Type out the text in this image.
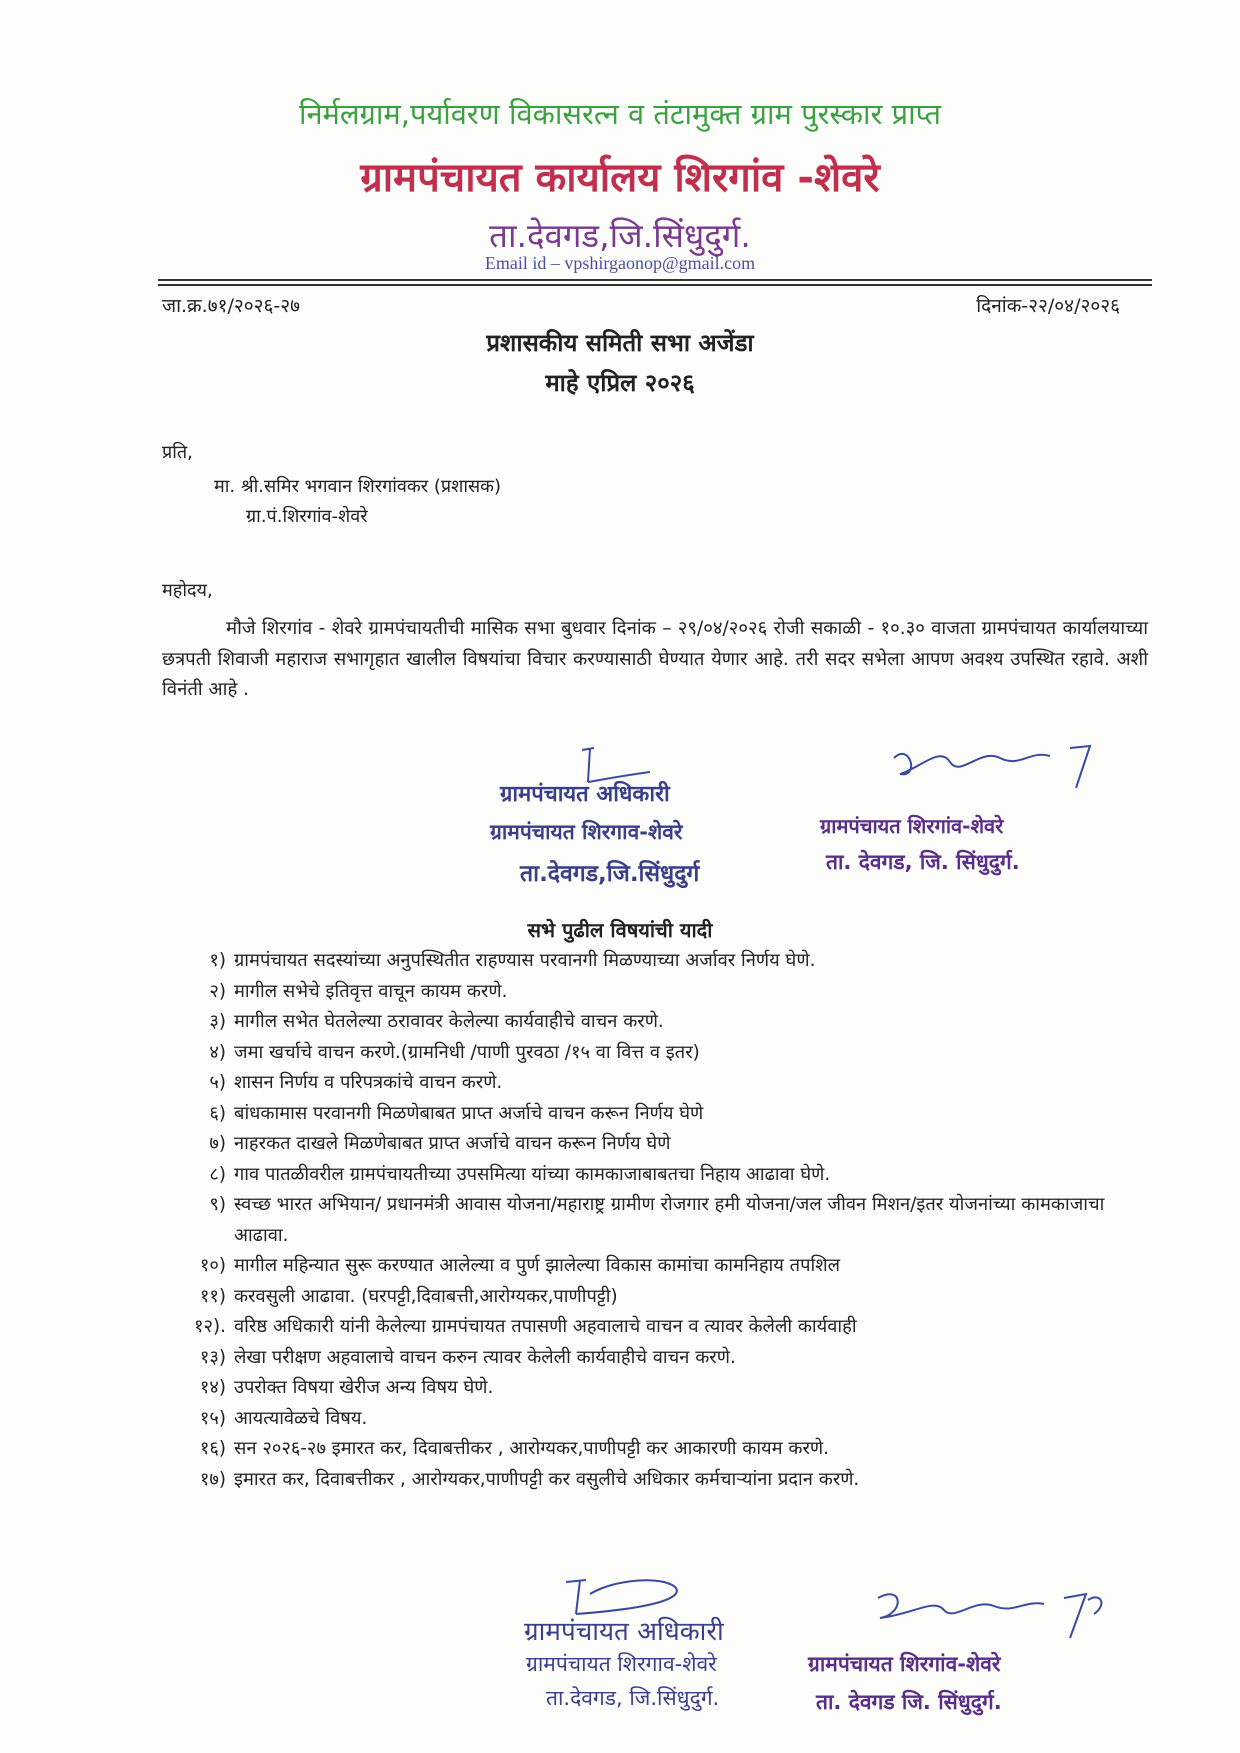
निर्मलग्राम,पर्यावरण विकासरत्न व तंटामुक्त ग्राम पुरस्कार प्राप्त
ग्रामपंचायत कार्यालय शिरगांव -शेवरे
ता.देवगड,जि.सिंधुदुर्ग.
Email id – vpshirgaonop@gmail.com
जा.क्र.७१/२०२६-२७	दिनांक-२२/०४/२०२६
प्रशासकीय समिती सभा अजेंडा
माहे एप्रिल २०२६
प्रति,
मा. श्री.समिर भगवान शिरगांवकर (प्रशासक)
ग्रा.पं.शिरगांव-शेवरे
महोदय,
मौजे शिरगांव - शेवरे ग्रामपंचायतीची मासिक सभा बुधवार दिनांक – २९/०४/२०२६ रोजी सकाळी - १०.३० वाजता ग्रामपंचायत कार्यालयाच्या छत्रपती शिवाजी महाराज सभागृहात खालील विषयांचा विचार करण्यासाठी घेण्यात येणार आहे. तरी सदर सभेला आपण अवश्य उपस्थित रहावे. अशी विनंती आहे .
ग्रामपंचायत अधिकारी
ग्रामपंचायत शिरगाव-शेवरे
ता.देवगड,जि.सिंधुदुर्ग
ग्रामपंचायत शिरगांव-शेवरे
ता. देवगड, जि. सिंधुदुर्ग.
सभे पुढील विषयांची यादी
१) ग्रामपंचायत सदस्यांच्या अनुपस्थितीत राहण्यास परवानगी मिळण्याच्या अर्जावर निर्णय घेणे.
२) मागील सभेचे इतिवृत्त वाचून कायम करणे.
३) मागील सभेत घेतलेल्या ठरावावर केलेल्या कार्यवाहीचे वाचन करणे.
४) जमा खर्चाचे वाचन करणे.(ग्रामनिधी /पाणी पुरवठा /१५ वा वित्त व इतर)
५) शासन निर्णय व परिपत्रकांचे वाचन करणे.
६) बांधकामास परवानगी मिळणेबाबत प्राप्त अर्जाचे वाचन करून निर्णय घेणे
७) नाहरकत दाखले मिळणेबाबत प्राप्त अर्जाचे वाचन करून निर्णय घेणे
८) गाव पातळीवरील ग्रामपंचायतीच्या उपसमित्या यांच्या कामकाजाबाबतचा निहाय आढावा घेणे.
९) स्वच्छ भारत अभियान/ प्रधानमंत्री आवास योजना/महाराष्ट्र ग्रामीण रोजगार हमी योजना/जल जीवन मिशन/इतर योजनांच्या कामकाजाचा आढावा.
१०) मागील महिन्यात सुरू करण्यात आलेल्या व पुर्ण झालेल्या विकास कामांचा कामनिहाय तपशिल
११) करवसुली आढावा. (घरपट्टी,दिवाबत्ती,आरोग्यकर,पाणीपट्टी)
१२). वरिष्ठ अधिकारी यांनी केलेल्या ग्रामपंचायत तपासणी अहवालाचे वाचन व त्यावर केलेली कार्यवाही
१३) लेखा परीक्षण अहवालाचे वाचन करुन त्यावर केलेली कार्यवाहीचे वाचन करणे.
१४) उपरोक्त विषया खेरीज अन्य विषय घेणे.
१५) आयत्यावेळचे विषय.
१६) सन २०२६-२७ इमारत कर, दिवाबत्तीकर , आरोग्यकर,पाणीपट्टी कर आकारणी कायम करणे.
१७) इमारत कर, दिवाबत्तीकर , आरोग्यकर,पाणीपट्टी कर वसुलीचे अधिकार कर्मचाऱ्यांना प्रदान करणे.
ग्रामपंचायत अधिकारी
ग्रामपंचायत शिरगाव-शेवरे
ता.देवगड, जि.सिंधुदुर्ग.
ग्रामपंचायत शिरगांव-शेवरे
ता. देवगड जि. सिंधुदुर्ग.
